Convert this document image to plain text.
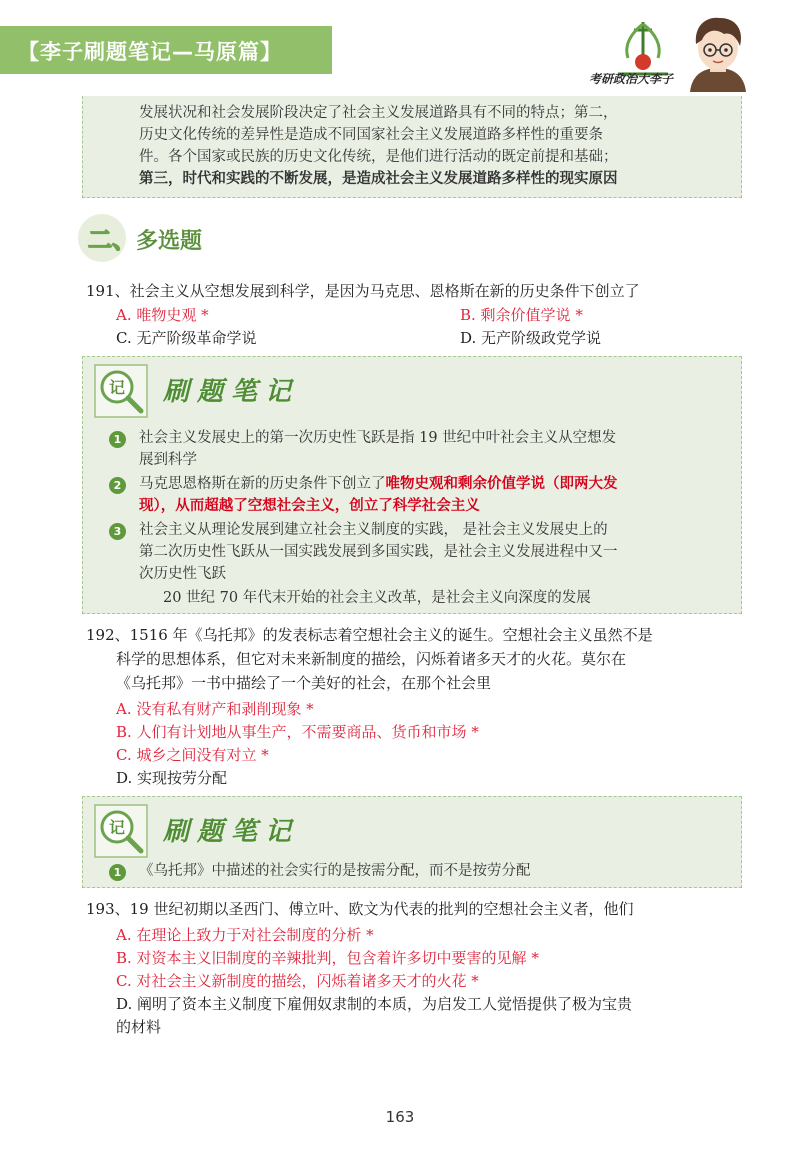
【李子刷题笔记—马原篇】
考研政治大李子

发展状况和社会发展阶段决定了社会主义发展道路具有不同的特点；第二，

历史文化传统的差异性是造成不同国家社会主义发展道路多样性的重要条

件。各个国家或民族的历史文化传统，是他们进行活动的既定前提和基础；

第三，时代和实践的不断发展，是造成社会主义发展道路多样性的现实原因

二、 多选题
191、社会主义从空想发展到科学，是因为马克思、恩格斯在新的历史条件下创立了
A. 唯物史观 *	B. 剩余价值学说 *
C. 无产阶级革命学说	D. 无产阶级政党学说
记 刷题笔记
1	社会主义发展史上的第一次历史性飞跃是指 19 世纪中叶社会主义从空想发
展到科学
2	马克思恩格斯在新的历史条件下创立了唯物史观和剩余价值学说（即两大发
现），从而超越了空想社会主义，创立了科学社会主义
3	社会主义从理论发展到建立社会主义制度的实践， 是社会主义发展史上的
第二次历史性飞跃从一国实践发展到多国实践，是社会主义发展进程中又一
次历史性飞跃
20 世纪 70 年代末开始的社会主义改革，是社会主义向深度的发展
192、1516 年《乌托邦》的发表标志着空想社会主义的诞生。空想社会主义虽然不是
科学的思想体系，但它对未来新制度的描绘，闪烁着诸多天才的火花。莫尔在
《乌托邦》一书中描绘了一个美好的社会，在那个社会里
A. 没有私有财产和剥削现象 *
B. 人们有计划地从事生产，不需要商品、货币和市场 *
C. 城乡之间没有对立 *
D. 实现按劳分配
记 刷题笔记
1	《乌托邦》中描述的社会实行的是按需分配，而不是按劳分配
193、19 世纪初期以圣西门、傅立叶、欧文为代表的批判的空想社会主义者，他们
A. 在理论上致力于对社会制度的分析 *
B. 对资本主义旧制度的辛辣批判，包含着许多切中要害的见解 *
C. 对社会主义新制度的描绘，闪烁着诸多天才的火花 *
D. 阐明了资本主义制度下雇佣奴隶制的本质，为启发工人觉悟提供了极为宝贵
的材料
163
